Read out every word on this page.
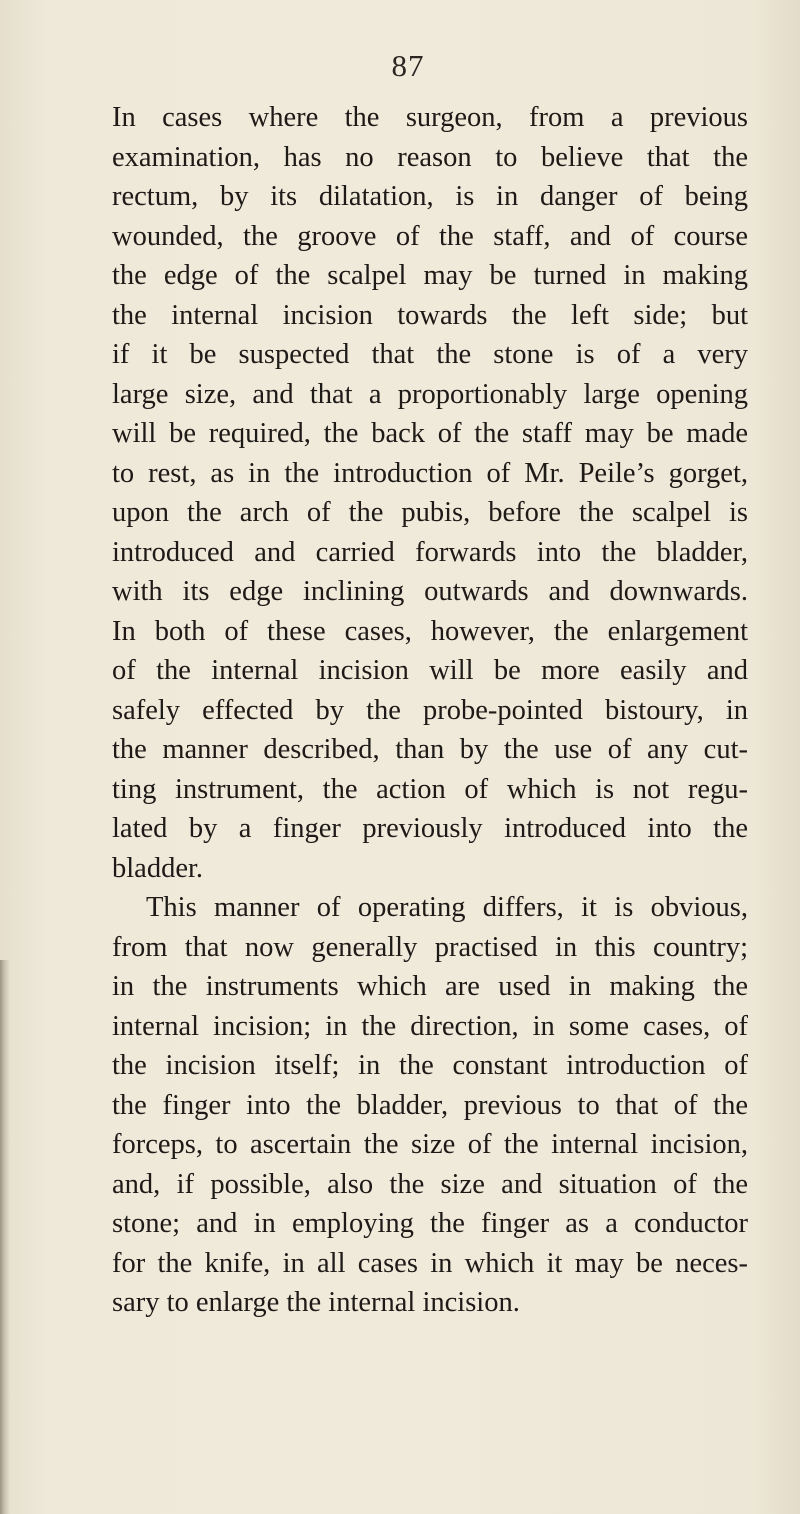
87
In cases where the surgeon, from a previous
examination, has no reason to believe that the
rectum, by its dilatation, is in danger of being
wounded, the groove of the staff, and of course
the edge of the scalpel may be turned in making
the internal incision towards the left side; but
if it be suspected that the stone is of a very
large size, and that a proportionably large opening
will be required, the back of the staff may be made
to rest, as in the introduction of Mr. Peile’s gorget,
upon the arch of the pubis, before the scalpel is
introduced and carried forwards into the bladder,
with its edge inclining outwards and downwards.
In both of these cases, however, the enlargement
of the internal incision will be more easily and
safely effected by the probe-pointed bistoury, in
the manner described, than by the use of any cut-
ting instrument, the action of which is not regu-
lated by a finger previously introduced into the
bladder.
This manner of operating differs, it is obvious,
from that now generally practised in this country;
in the instruments which are used in making the
internal incision; in the direction, in some cases, of
the incision itself; in the constant introduction of
the finger into the bladder, previous to that of the
forceps, to ascertain the size of the internal incision,
and, if possible, also the size and situation of the
stone; and in employing the finger as a conductor
for the knife, in all cases in which it may be neces-
sary to enlarge the internal incision.
